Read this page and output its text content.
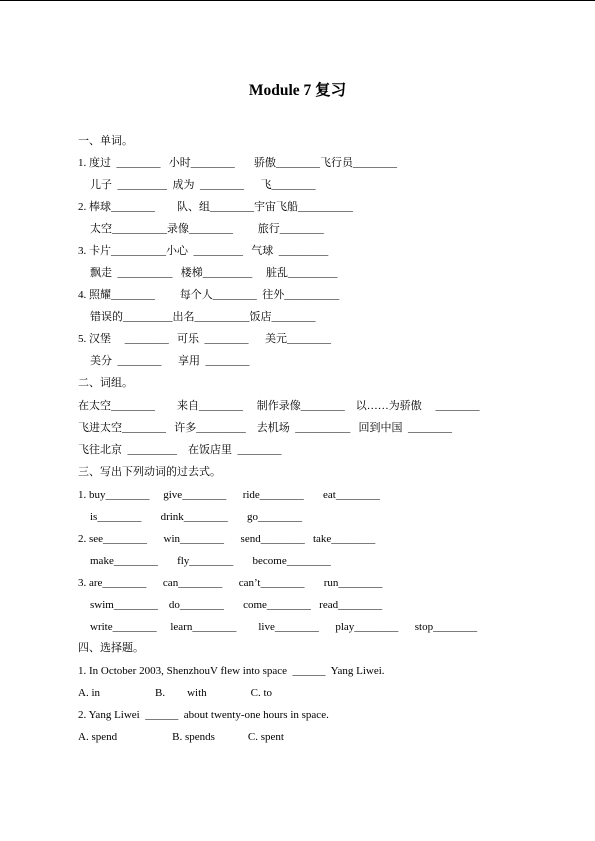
Module 7 复习
一、单词。
1. 度过  ________   小时________       骄傲________飞行员________
儿子  _________  成为  ________      飞________
2. 棒球________        队、组________宇宙飞船__________
太空__________录像________         旅行________
3. 卡片__________小心  _________   气球  _________
飘走  __________   楼梯_________     脏乱_________
4. 照耀________         每个人________  往外__________
错误的_________出名__________饭店________
5. 汉堡     ________   可乐  ________      美元________
美分  ________      享用  ________
二、词组。
在太空________        来自________     制作录像________    以……为骄傲     ________
飞进太空________   许多_________    去机场  __________   回到中国  ________
飞往北京  _________    在饭店里  ________
三、写出下列动词的过去式。
1. buy________     give________      ride________       eat________
is________       drink________       go________
2. see________      win________      send________   take________
make________       fly________       become________
3. are________      can________      can’t________       run________
swim________    do________       come________   read________
write________     learn________        live________      play________      stop________
四、选择题。
1. In October 2003, ShenzhouV flew into space  ______  Yang Liwei.
A. in                    B.        with                C. to
2. Yang Liwei  ______  about twenty-one hours in space.
A. spend                    B. spends            C. spent
